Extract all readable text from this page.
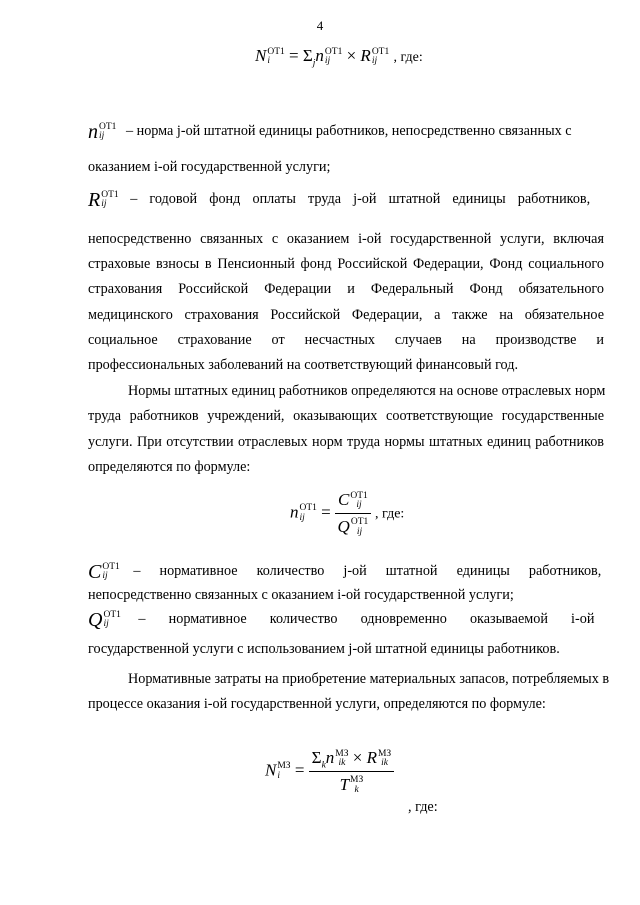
4
N ОТ1
i	= $\Sigma_jn$ ОТ1
ij × R ОТ1
ij	, где:
n ОТ1
ij	– норма j-ой штатной единицы работников, непосредственно связанных с
оказанием i-ой государственной услуги;
R ОТ1
ij	– годовой фонд оплаты труда j-ой штатной единицы работников,
непосредственно связанных с оказанием i-ой государственной услуги, включая
страховые взносы в Пенсионный фонд Российской Федерации, Фонд социального
страхования Российской Федерации и Федеральный Фонд обязательного
медицинского страхования Российской Федерации, а также на обязательное
социальное страхование от несчастных случаев на производстве и
профессиональных заболеваний на соответствующий финансовый год.
Нормы штатных единиц работников определяются на основе отраслевых норм
труда работников учреждений, оказывающих соответствующие государственные
услуги. При отсутствии отраслевых норм труда нормы штатных единиц работников
определяются по формуле:
n ОТ1
ij = C ОТ1
ij
Q ОТ1
ij , где:
C ОТ1
ij	– нормативное количество j-ой штатной единицы работников,
непосредственно связанных с оказанием i-ой государственной услуги;
Q ОТ1
ij	– нормативное количество одновременно оказываемой i-ой
государственной услуги с использованием j-ой штатной единицы работников.
Нормативные затраты на приобретение материальных запасов, потребляемых в
процессе оказания i-ой государственной услуги, определяются по формуле:
N МЗ
$i = \Sigma_kn$ МЗ
ik × R МЗ
ik
T МЗ
k
, где:
